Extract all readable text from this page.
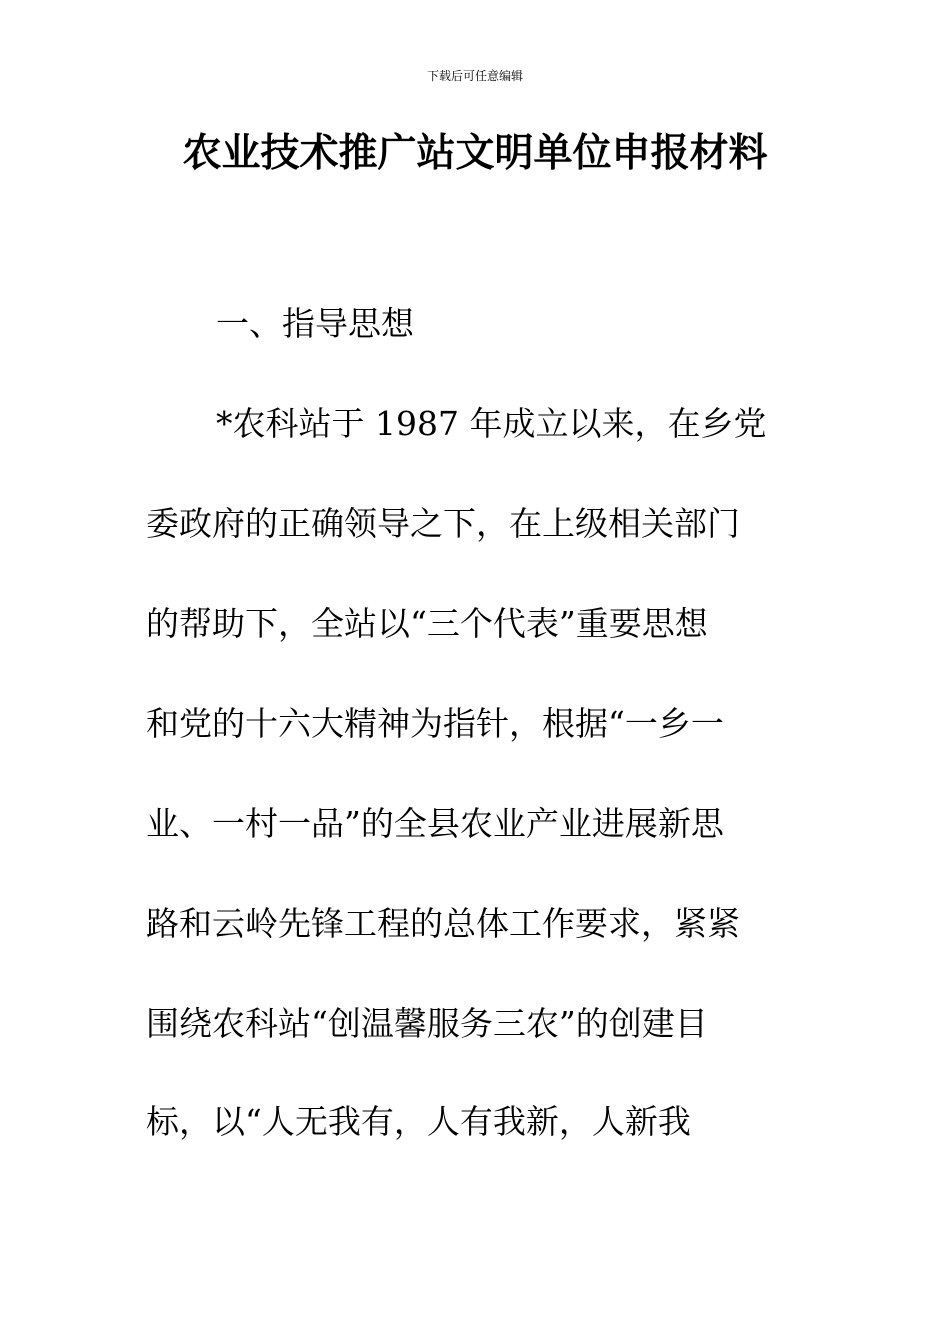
下载后可任意编辑
农业技术推广站文明单位申报材料
一、指导思想
*农科站于 1987 年成立以来，在乡党
委政府的正确领导之下，在上级相关部门
的帮助下，全站以“三个代表”重要思想
和党的十六大精神为指针，根据“一乡一
业、一村一品”的全县农业产业进展新思
路和云岭先锋工程的总体工作要求，紧紧
围绕农科站“创温馨服务三农”的创建目
标，以“人无我有，人有我新，人新我
